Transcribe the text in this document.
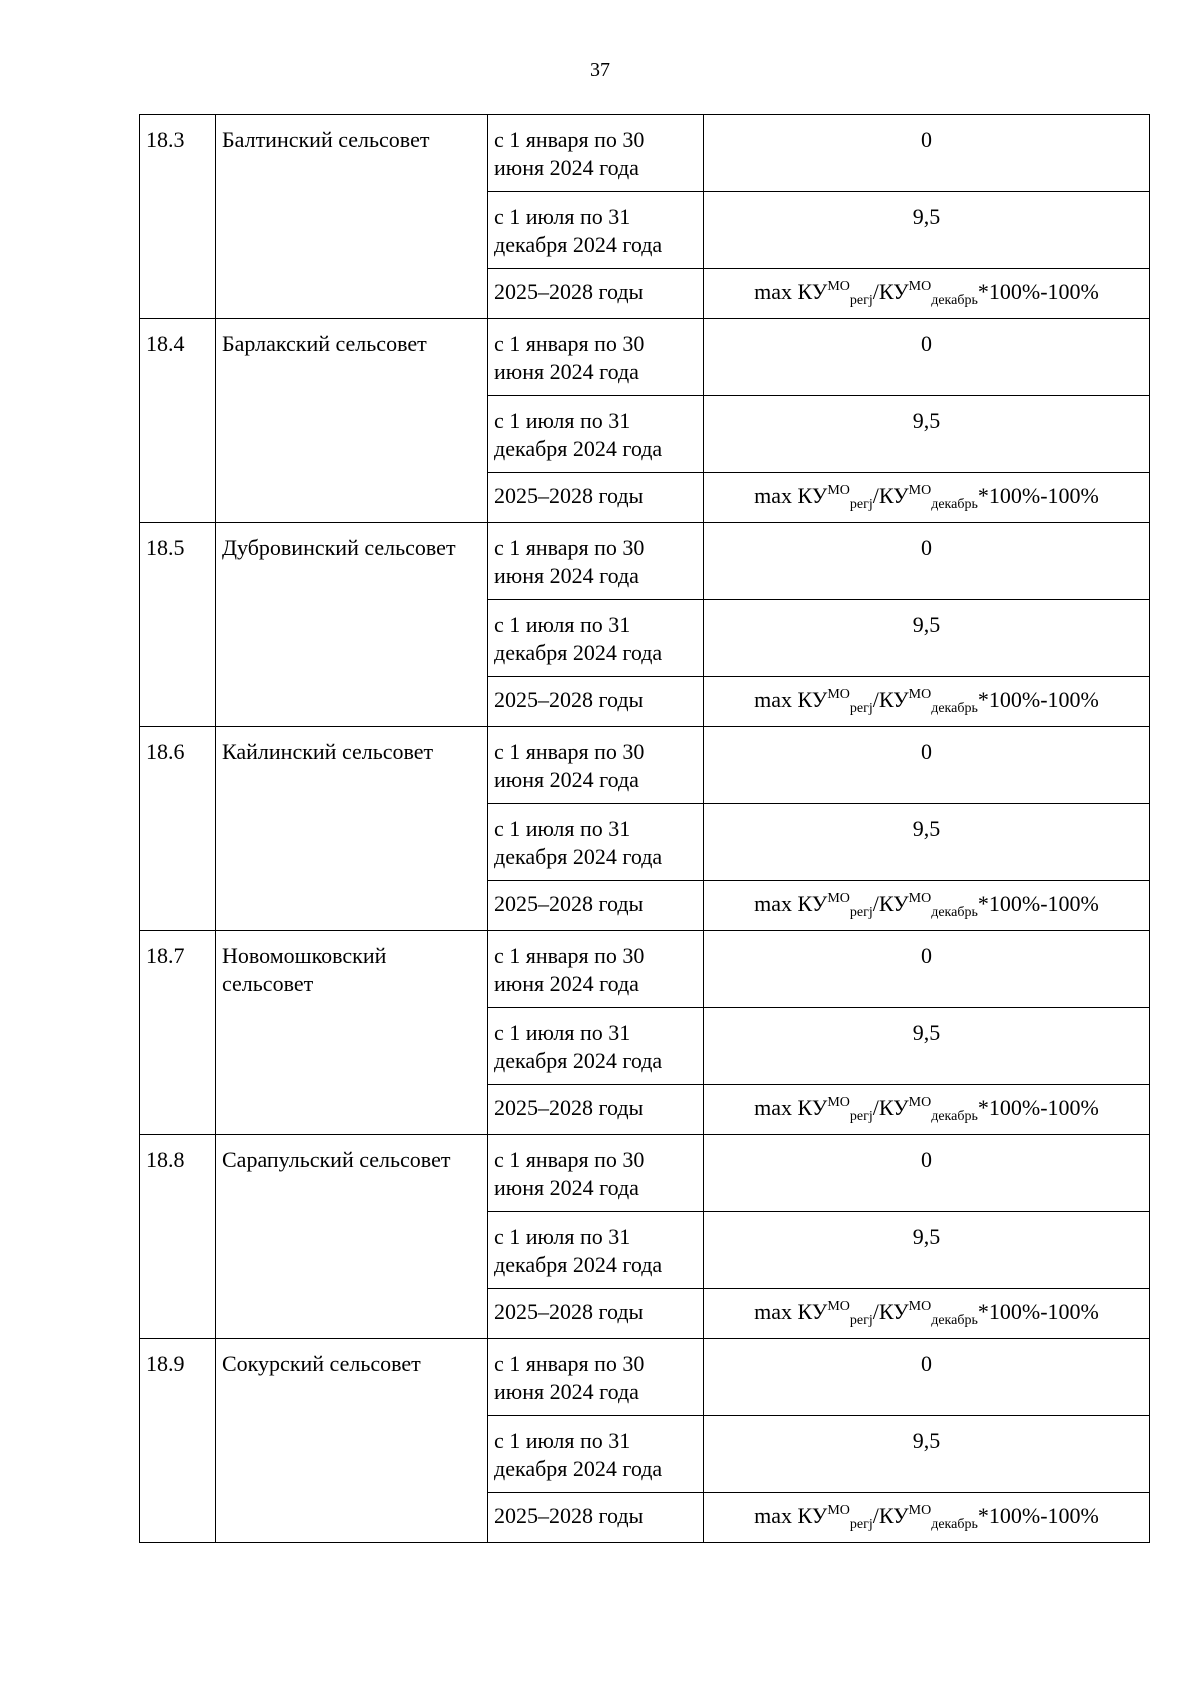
37
18.3	Балтинский сельсовет	с 1 января по 30 июня 2024 года	0
		с 1 июля по 31 декабря 2024 года	9,5
		2025–2028 годы	$\max КУ^{МО}_{регj}/КУ^{МО}_{декабрь}*100\%-100\%$
18.4	Барлакский сельсовет	с 1 января по 30 июня 2024 года	0
		с 1 июля по 31 декабря 2024 года	9,5
		2025–2028 годы	$\max КУ^{МО}_{регj}/КУ^{МО}_{декабрь}*100\%-100\%$
18.5	Дубровинский сельсовет	с 1 января по 30 июня 2024 года	0
		с 1 июля по 31 декабря 2024 года	9,5
		2025–2028 годы	$\max КУ^{МО}_{регj}/КУ^{МО}_{декабрь}*100\%-100\%$
18.6	Кайлинский сельсовет	с 1 января по 30 июня 2024 года	0
		с 1 июля по 31 декабря 2024 года	9,5
		2025–2028 годы	$\max КУ^{МО}_{регj}/КУ^{МО}_{декабрь}*100\%-100\%$
18.7	Новомошковский сельсовет	с 1 января по 30 июня 2024 года	0
		с 1 июля по 31 декабря 2024 года	9,5
		2025–2028 годы	$\max КУ^{МО}_{регj}/КУ^{МО}_{декабрь}*100\%-100\%$
18.8	Сарапульский сельсовет	с 1 января по 30 июня 2024 года	0
		с 1 июля по 31 декабря 2024 года	9,5
		2025–2028 годы	$\max КУ^{МО}_{регj}/КУ^{МО}_{декабрь}*100\%-100\%$
18.9	Сокурский сельсовет	с 1 января по 30 июня 2024 года	0
		с 1 июля по 31 декабря 2024 года	9,5
		2025–2028 годы	$\max КУ^{МО}_{регj}/КУ^{МО}_{декабрь}*100\%-100\%$
